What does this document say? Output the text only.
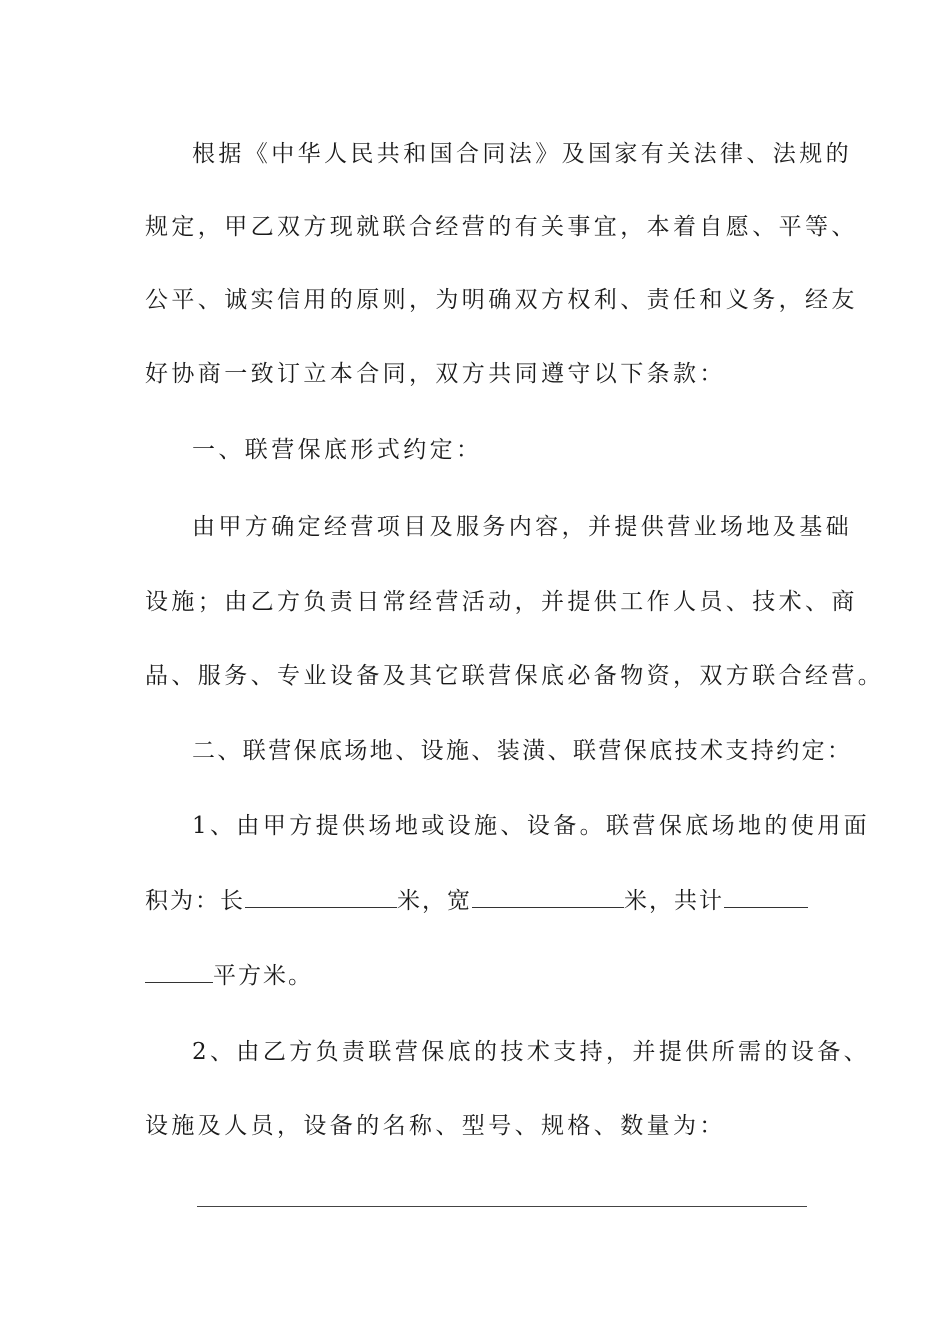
根据《中华人民共和国合同法》及国家有关法律、法规的
规定，甲乙双方现就联合经营的有关事宜，本着自愿、平等、
公平、诚实信用的原则，为明确双方权利、责任和义务，经友
好协商一致订立本合同，双方共同遵守以下条款：
一、联营保底形式约定：
由甲方确定经营项目及服务内容，并提供营业场地及基础
设施；由乙方负责日常经营活动，并提供工作人员、技术、商
品、服务、专业设备及其它联营保底必备物资，双方联合经营。
二、联营保底场地、设施、装潢、联营保底技术支持约定：
1、由甲方提供场地或设施、设备。联营保底场地的使用面
积为：长	米，宽	米，共计
平方米。
2、由乙方负责联营保底的技术支持，并提供所需的设备、
设施及人员，设备的名称、型号、规格、数量为：
